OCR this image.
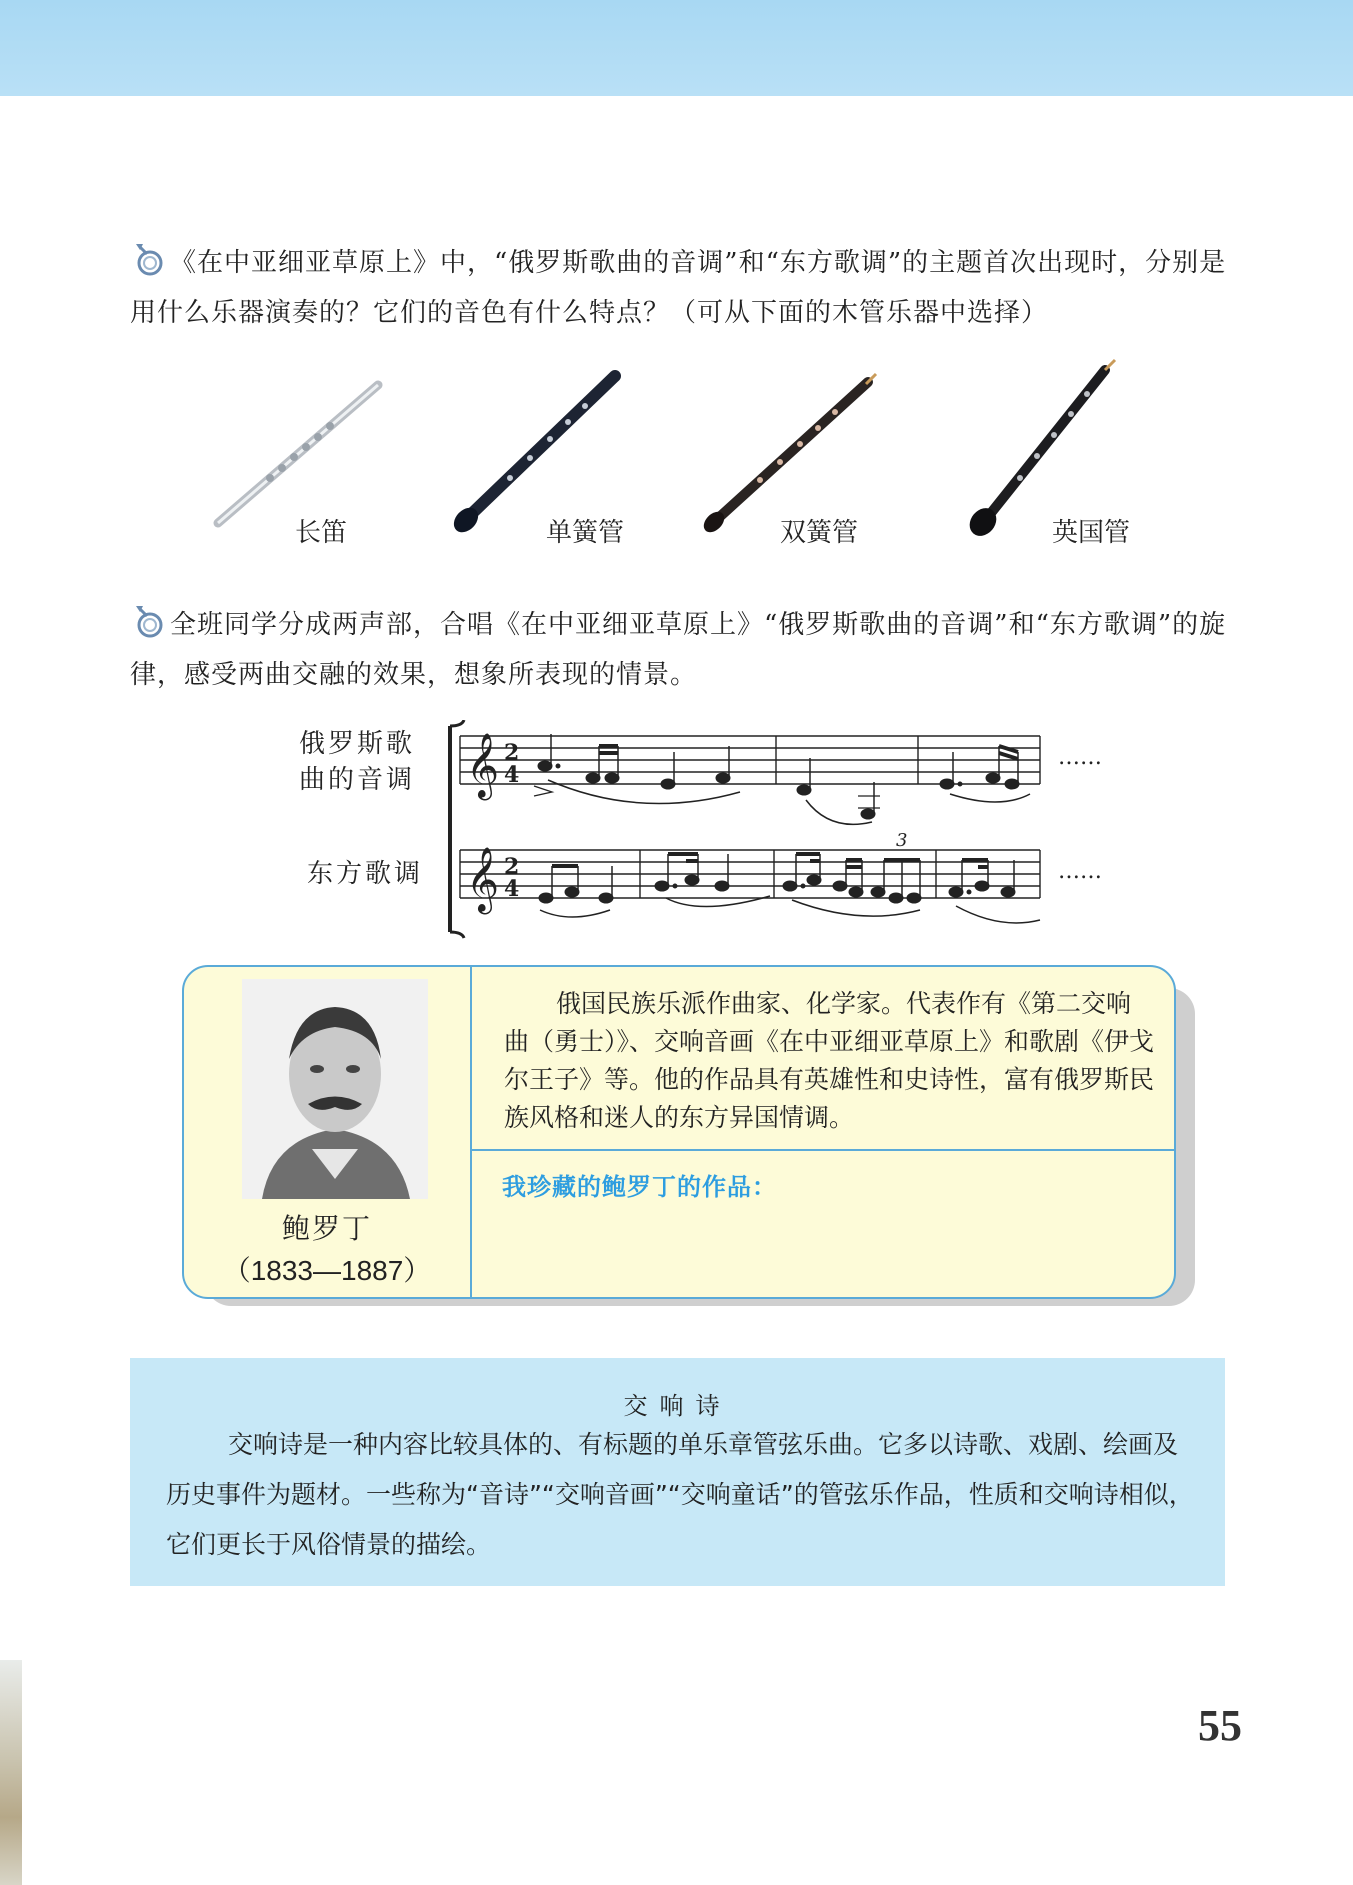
《在中亚细亚草原上》中，“俄罗斯歌曲的音调”和“东方歌调”的主题首次出现时，分别是用什么乐器演奏的？它们的音色有什么特点？（可从下面的木管乐器中选择）
长笛	单簧管	双簧管	英国管
全班同学分成两声部，合唱《在中亚细亚草原上》“俄罗斯歌曲的音调”和“东方歌调”的旋律，感受两曲交融的效果，想象所表现的情景。
俄罗斯歌曲的音调
东方歌调
𝄞 2
4
……
𝄞 2
4
3
……
鲍罗丁
（1833—1887）
俄国民族乐派作曲家、化学家。代表作有《第二交响曲（勇士）》、交响音画《在中亚细亚草原上》和歌剧《伊戈尔王子》等。他的作品具有英雄性和史诗性，富有俄罗斯民族风格和迷人的东方异国情调。
我珍藏的鲍罗丁的作品：
交响诗
交响诗是一种内容比较具体的、有标题的单乐章管弦乐曲。它多以诗歌、戏剧、绘画及历史事件为题材。一些称为“音诗”“交响音画”“交响童话”的管弦乐作品，性质和交响诗相似，它们更长于风俗情景的描绘。
55
